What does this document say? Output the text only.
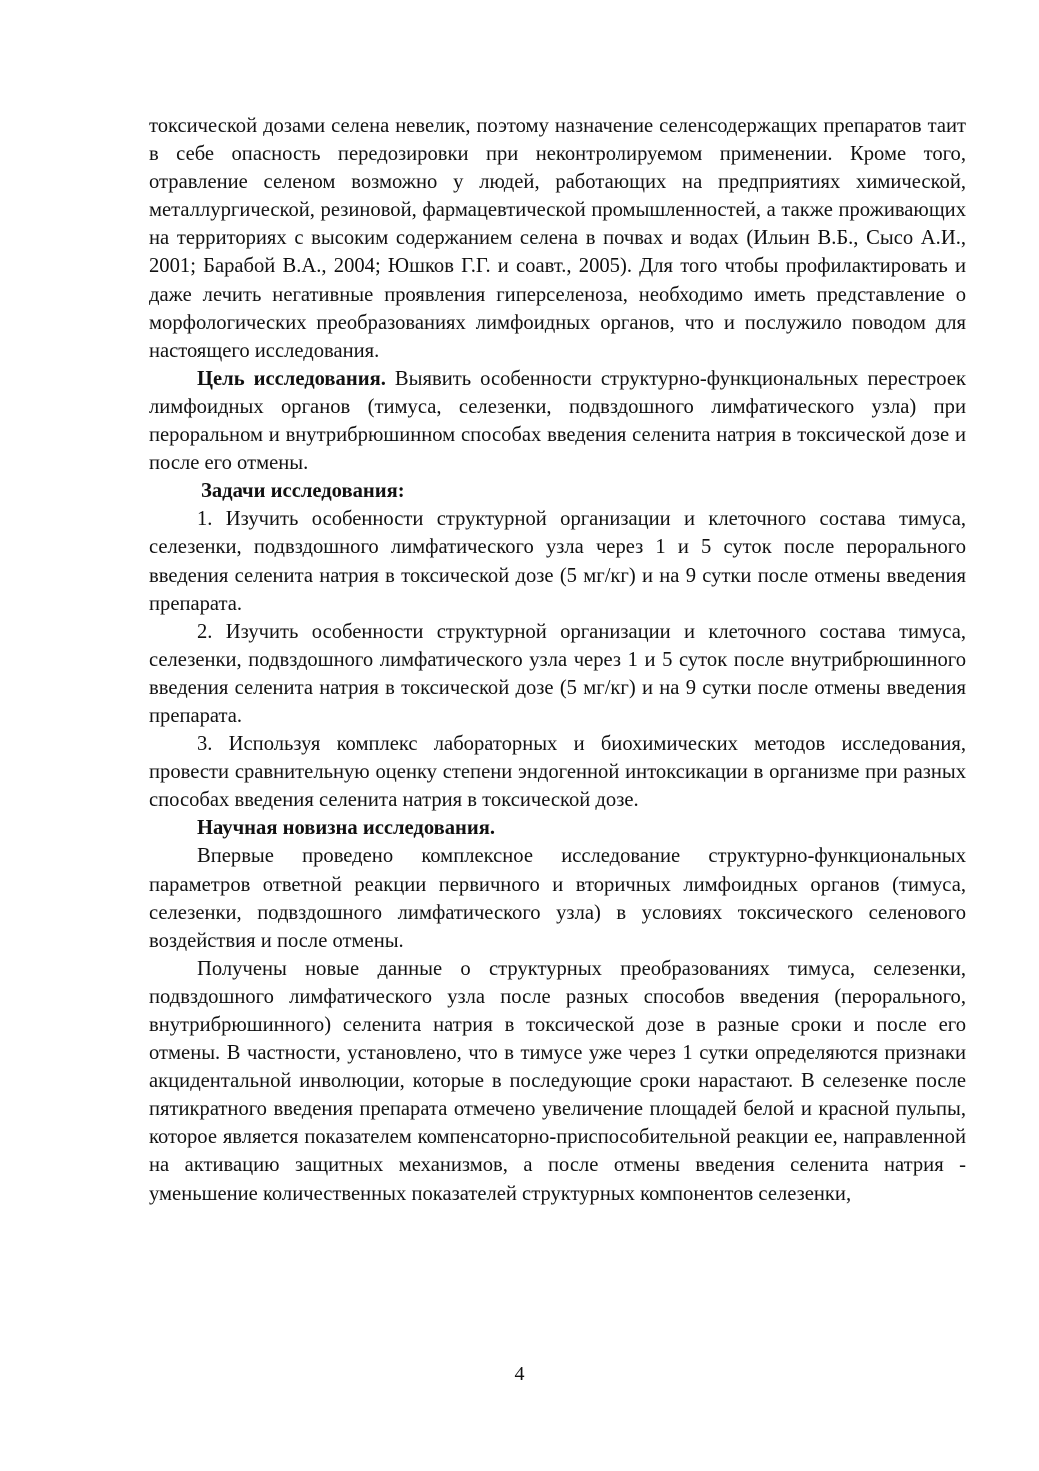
токсической дозами селена невелик, поэтому назначение селенсодержащих препаратов таит в себе опасность передозировки при неконтролируемом применении. Кроме того, отравление селеном возможно у людей, работающих на предприятиях химической, металлургической, резиновой, фармацевтической промышленностей, а также проживающих на территориях с высоким содержанием селена в почвах и водах (Ильин В.Б., Сысо А.И., 2001; Барабой В.А., 2004; Юшков Г.Г. и соавт., 2005). Для того чтобы профилактировать и даже лечить негативные проявления гиперселеноза, необходимо иметь представление о морфологических преобразованиях лимфоидных органов, что и послужило поводом для настоящего исследования.

Цель исследования. Выявить особенности структурно-функциональных перестроек лимфоидных органов (тимуса, селезенки, подвздошного лимфатического узла) при пероральном и внутрибрюшинном способах введения селенита натрия в токсической дозе и после его отмены.

Задачи исследования:

1. Изучить особенности структурной организации и клеточного состава тимуса, селезенки, подвздошного лимфатического узла через 1 и 5 суток после перорального введения селенита натрия в токсической дозе (5 мг/кг) и на 9 сутки после отмены введения препарата.

2. Изучить особенности структурной организации и клеточного состава тимуса, селезенки, подвздошного лимфатического узла через 1 и 5 суток после внутрибрюшинного введения селенита натрия в токсической дозе (5 мг/кг) и на 9 сутки после отмены введения препарата.

3. Используя комплекс лабораторных и биохимических методов исследования, провести сравнительную оценку степени эндогенной интоксикации в организме при разных способах введения селенита натрия в токсической дозе.

Научная новизна исследования.

Впервые проведено комплексное исследование структурно-функциональных параметров ответной реакции первичного и вторичных лимфоидных органов (тимуса, селезенки, подвздошного лимфатического узла) в условиях токсического селенового воздействия и после отмены.

Получены новые данные о структурных преобразованиях тимуса, селезенки, подвздошного лимфатического узла после разных способов введения (перорального, внутрибрюшинного) селенита натрия в токсической дозе в разные сроки и после его отмены. В частности, установлено, что в тимусе уже через 1 сутки определяются признаки акцидентальной инволюции, которые в последующие сроки нарастают. В селезенке после пятикратного введения препарата отмечено увеличение площадей белой и красной пульпы, которое является показателем компенсаторно-приспособительной реакции ее, направленной на активацию защитных механизмов, а после отмены введения селенита натрия - уменьшение количественных показателей структурных компонентов селезенки,

4
